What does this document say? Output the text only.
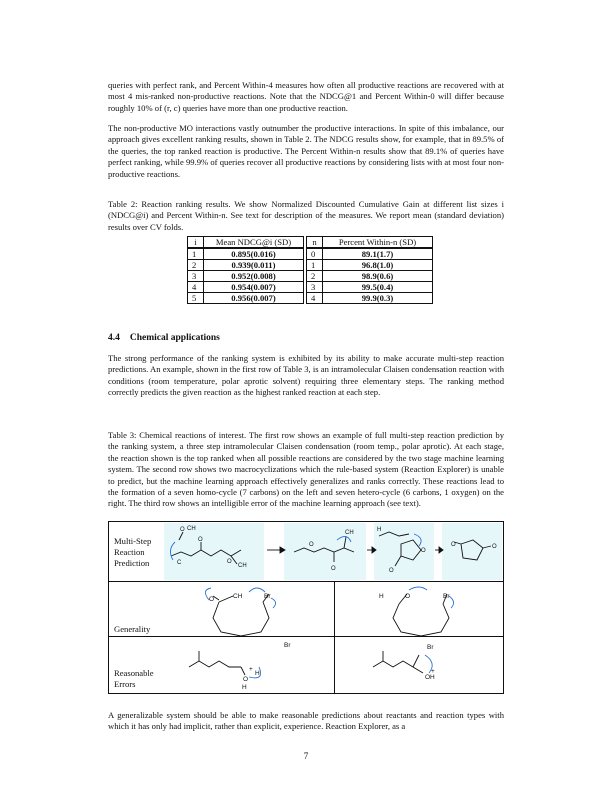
queries with perfect rank, and Percent Within-4 measures how often all productive reactions are recovered with at most 4 mis-ranked non-productive reactions. Note that the NDCG@1 and Percent Within-0 will differ because roughly 10% of (r, c) queries have more than one productive reaction.

The non-productive MO interactions vastly outnumber the productive interactions. In spite of this imbalance, our approach gives excellent ranking results, shown in Table 2. The NDCG results show, for example, that in 89.5% of the queries, the top ranked reaction is productive. The Percent Within-n results show that 89.1% of queries have perfect ranking, while 99.9% of queries recover all productive reactions by considering lists with at most four non-productive reactions.

Table 2: Reaction ranking results. We show Normalized Discounted Cumulative Gain at different list sizes i (NDCG@i) and Percent Within-n. See text for description of the measures. We report mean (standard deviation) results over CV folds.

i	Mean NDCG@i (SD)		n	Percent Within-n (SD)
1	0.895(0.016)		0	89.1(1.7)
2	0.939(0.011)		1	96.8(1.0)
3	0.952(0.008)		2	98.9(0.6)
4	0.954(0.007)		3	99.5(0.4)
5	0.956(0.007)		4	99.9(0.3)
4.4 Chemical applications

The strong performance of the ranking system is exhibited by its ability to make accurate multi-step reaction predictions. An example, shown in the first row of Table 3, is an intramolecular Claisen condensation reaction with conditions (room temperature, polar aprotic solvent) requiring three elementary steps. The ranking method correctly predicts the given reaction as the highest ranked reaction at each step.

Table 3: Chemical reactions of interest. The first row shows an example of full multi-step reaction prediction by the ranking system, a three step intramolecular Claisen condensation (room temp., polar aprotic). At each stage, the reaction shown is the top ranked when all possible reactions are considered by the two stage machine learning system. The second row shows two macrocyclizations which the rule-based system (Reaction Explorer) is unable to predict, but the machine learning approach effectively generalizes and ranks correctly. These reactions lead to the formation of a seven homo-cycle (7 carbons) on the left and seven hetero-cycle (6 carbons, 1 oxygen) on the right. The third row shows an intelligible error of the machine learning approach (see text).

Multi-Step Reaction Prediction
O CH
C
O
O
CH
O
O
CH	H
O
O
O	O
Generality
O	CH	Br	H	O	Br
Reasonable Errors
Br
O
H
H
+
Br
OH
+

A generalizable system should be able to make reasonable predictions about reactants and reaction types with which it has only had implicit, rather than explicit, experience. Reaction Explorer, as a

7
